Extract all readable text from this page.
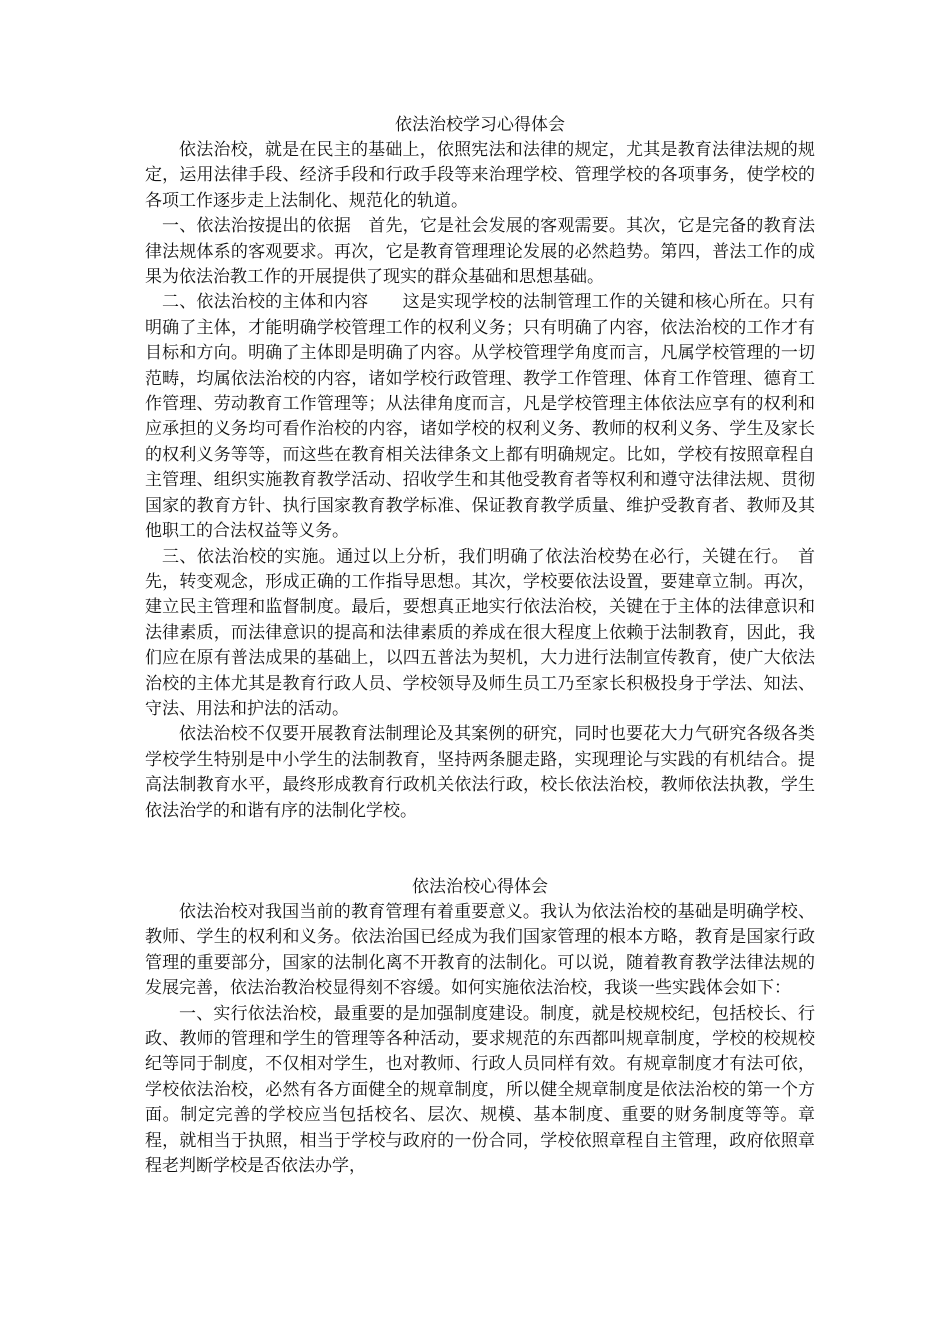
依法治校学习心得体会

依法治校，就是在民主的基础上，依照宪法和法律的规定，尤其是教育法律法规的规定，运用法律手段、经济手段和行政手段等来治理学校、管理学校的各项事务，使学校的各项工作逐步走上法制化、规范化的轨道。

一、依法治按提出的依据　首先，它是社会发展的客观需要。其次，它是完备的教育法律法规体系的客观要求。再次，它是教育管理理论发展的必然趋势。第四，普法工作的成果为依法治教工作的开展提供了现实的群众基础和思想基础。

二、依法治校的主体和内容　　这是实现学校的法制管理工作的关键和核心所在。只有明确了主体，才能明确学校管理工作的权利义务；只有明确了内容，依法治校的工作才有目标和方向。明确了主体即是明确了内容。从学校管理学角度而言，凡属学校管理的一切范畴，均属依法治校的内容，诸如学校行政管理、教学工作管理、体育工作管理、德育工作管理、劳动教育工作管理等；从法律角度而言，凡是学校管理主体依法应享有的权利和应承担的义务均可看作治校的内容，诸如学校的权利义务、教师的权利义务、学生及家长的权利义务等等，而这些在教育相关法律条文上都有明确规定。比如，学校有按照章程自主管理、组织实施教育教学活动、招收学生和其他受教育者等权利和遵守法律法规、贯彻国家的教育方针、执行国家教育教学标准、保证教育教学质量、维护受教育者、教师及其他职工的合法权益等义务。

三、依法治校的实施。通过以上分析，我们明确了依法治校势在必行，关键在行。　首先，转变观念，形成正确的工作指导思想。其次，学校要依法设置，要建章立制。再次，建立民主管理和监督制度。最后，要想真正地实行依法治校，关键在于主体的法律意识和法律素质，而法律意识的提高和法律素质的养成在很大程度上依赖于法制教育，因此，我们应在原有普法成果的基础上，以四五普法为契机，大力进行法制宣传教育，使广大依法治校的主体尤其是教育行政人员、学校领导及师生员工乃至家长积极投身于学法、知法、守法、用法和护法的活动。

依法治校不仅要开展教育法制理论及其案例的研究，同时也要花大力气研究各级各类学校学生特别是中小学生的法制教育，坚持两条腿走路，实现理论与实践的有机结合。提高法制教育水平，最终形成教育行政机关依法行政，校长依法治校，教师依法执教，学生依法治学的和谐有序的法制化学校。

依法治校心得体会

依法治校对我国当前的教育管理有着重要意义。我认为依法治校的基础是明确学校、教师、学生的权利和义务。依法治国已经成为我们国家管理的根本方略，教育是国家行政管理的重要部分，国家的法制化离不开教育的法制化。可以说，随着教育教学法律法规的发展完善，依法治教治校显得刻不容缓。如何实施依法治校，我谈一些实践体会如下：

一、实行依法治校，最重要的是加强制度建设。制度，就是校规校纪，包括校长、行政、教师的管理和学生的管理等各种活动，要求规范的东西都叫规章制度，学校的校规校纪等同于制度，不仅相对学生，也对教师、行政人员同样有效。有规章制度才有法可依，学校依法治校，必然有各方面健全的规章制度，所以健全规章制度是依法治校的第一个方面。制定完善的学校应当包括校名、层次、规模、基本制度、重要的财务制度等等。章程，就相当于执照，相当于学校与政府的一份合同，学校依照章程自主管理，政府依照章程老判断学校是否依法办学，
